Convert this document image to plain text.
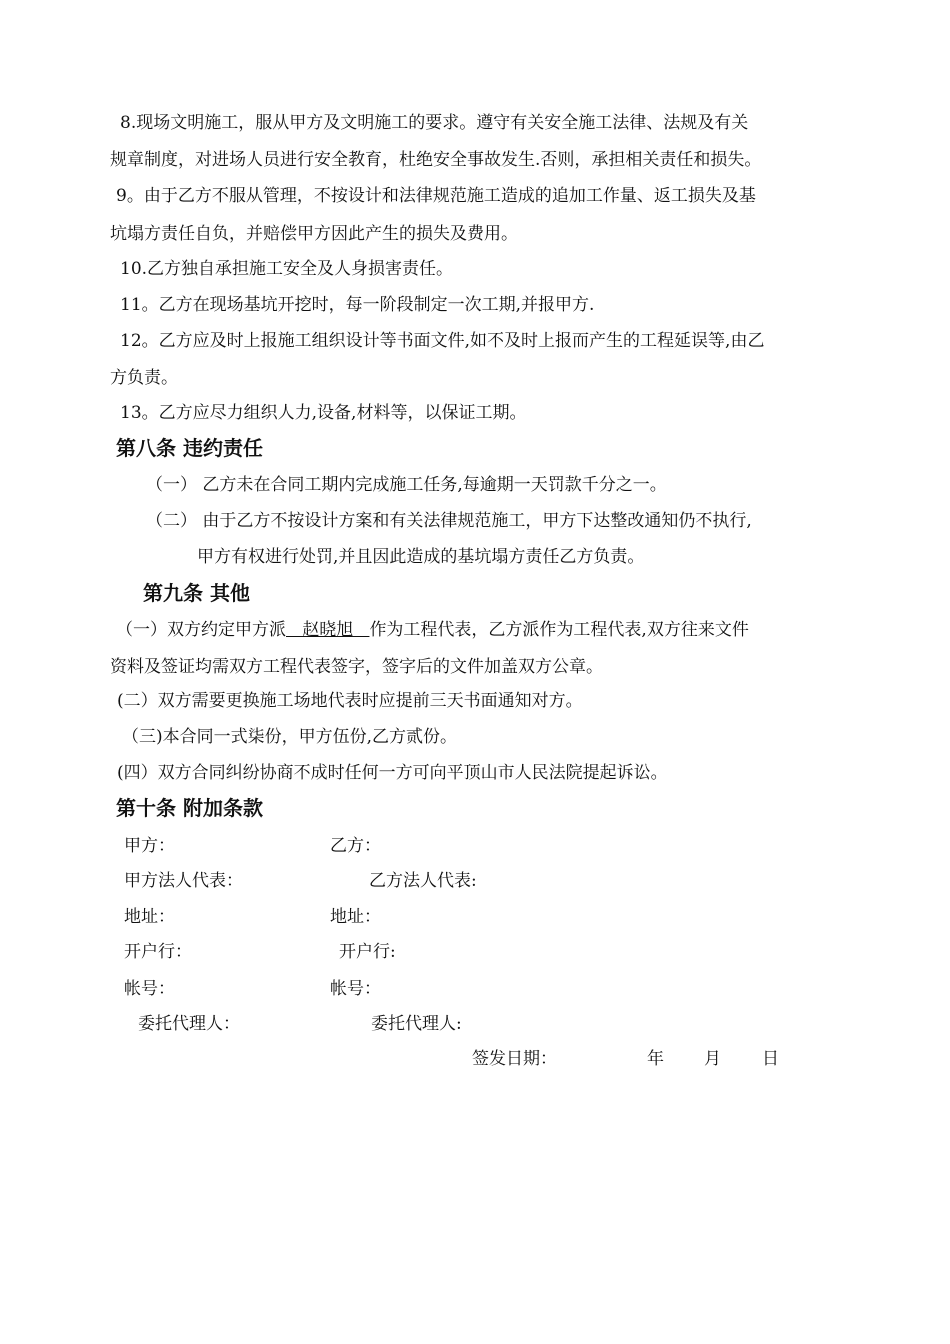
8.现场文明施工，服从甲方及文明施工的要求。遵守有关安全施工法律、法规及有关
规章制度，对进场人员进行安全教育，杜绝安全事故发生.否则，承担相关责任和损失。
9。由于乙方不服从管理，不按设计和法律规范施工造成的追加工作量、返工损失及基
坑塌方责任自负，并赔偿甲方因此产生的损失及费用。
10.乙方独自承担施工安全及人身损害责任。
11。乙方在现场基坑开挖时，每一阶段制定一次工期,并报甲方.
12。乙方应及时上报施工组织设计等书面文件,如不及时上报而产生的工程延误等,由乙
方负责。
13。乙方应尽力组织人力,设备,材料等，以保证工期。
第八条 违约责任
（一） 乙方未在合同工期内完成施工任务,每逾期一天罚款千分之一。
（二） 由于乙方不按设计方案和有关法律规范施工，甲方下达整改通知仍不执行,
甲方有权进行处罚,并且因此造成的基坑塌方责任乙方负责。
第九条 其他
（一）双方约定甲方派   赵晓旭   作为工程代表，乙方派作为工程代表,双方往来文件
资料及签证均需双方工程代表签字，签字后的文件加盖双方公章。
(二）双方需要更换施工场地代表时应提前三天书面通知对方。
（三)本合同一式柒份，甲方伍份,乙方贰份。
(四）双方合同纠纷协商不成时任何一方可向平顶山市人民法院提起诉讼。
第十条 附加条款
甲方：	乙方：
甲方法人代表：	乙方法人代表:
地址：	地址：
开户行：	开户行:
帐号：	帐号：
委托代理人：	委托代理人:
签发日期：	年 月 日
